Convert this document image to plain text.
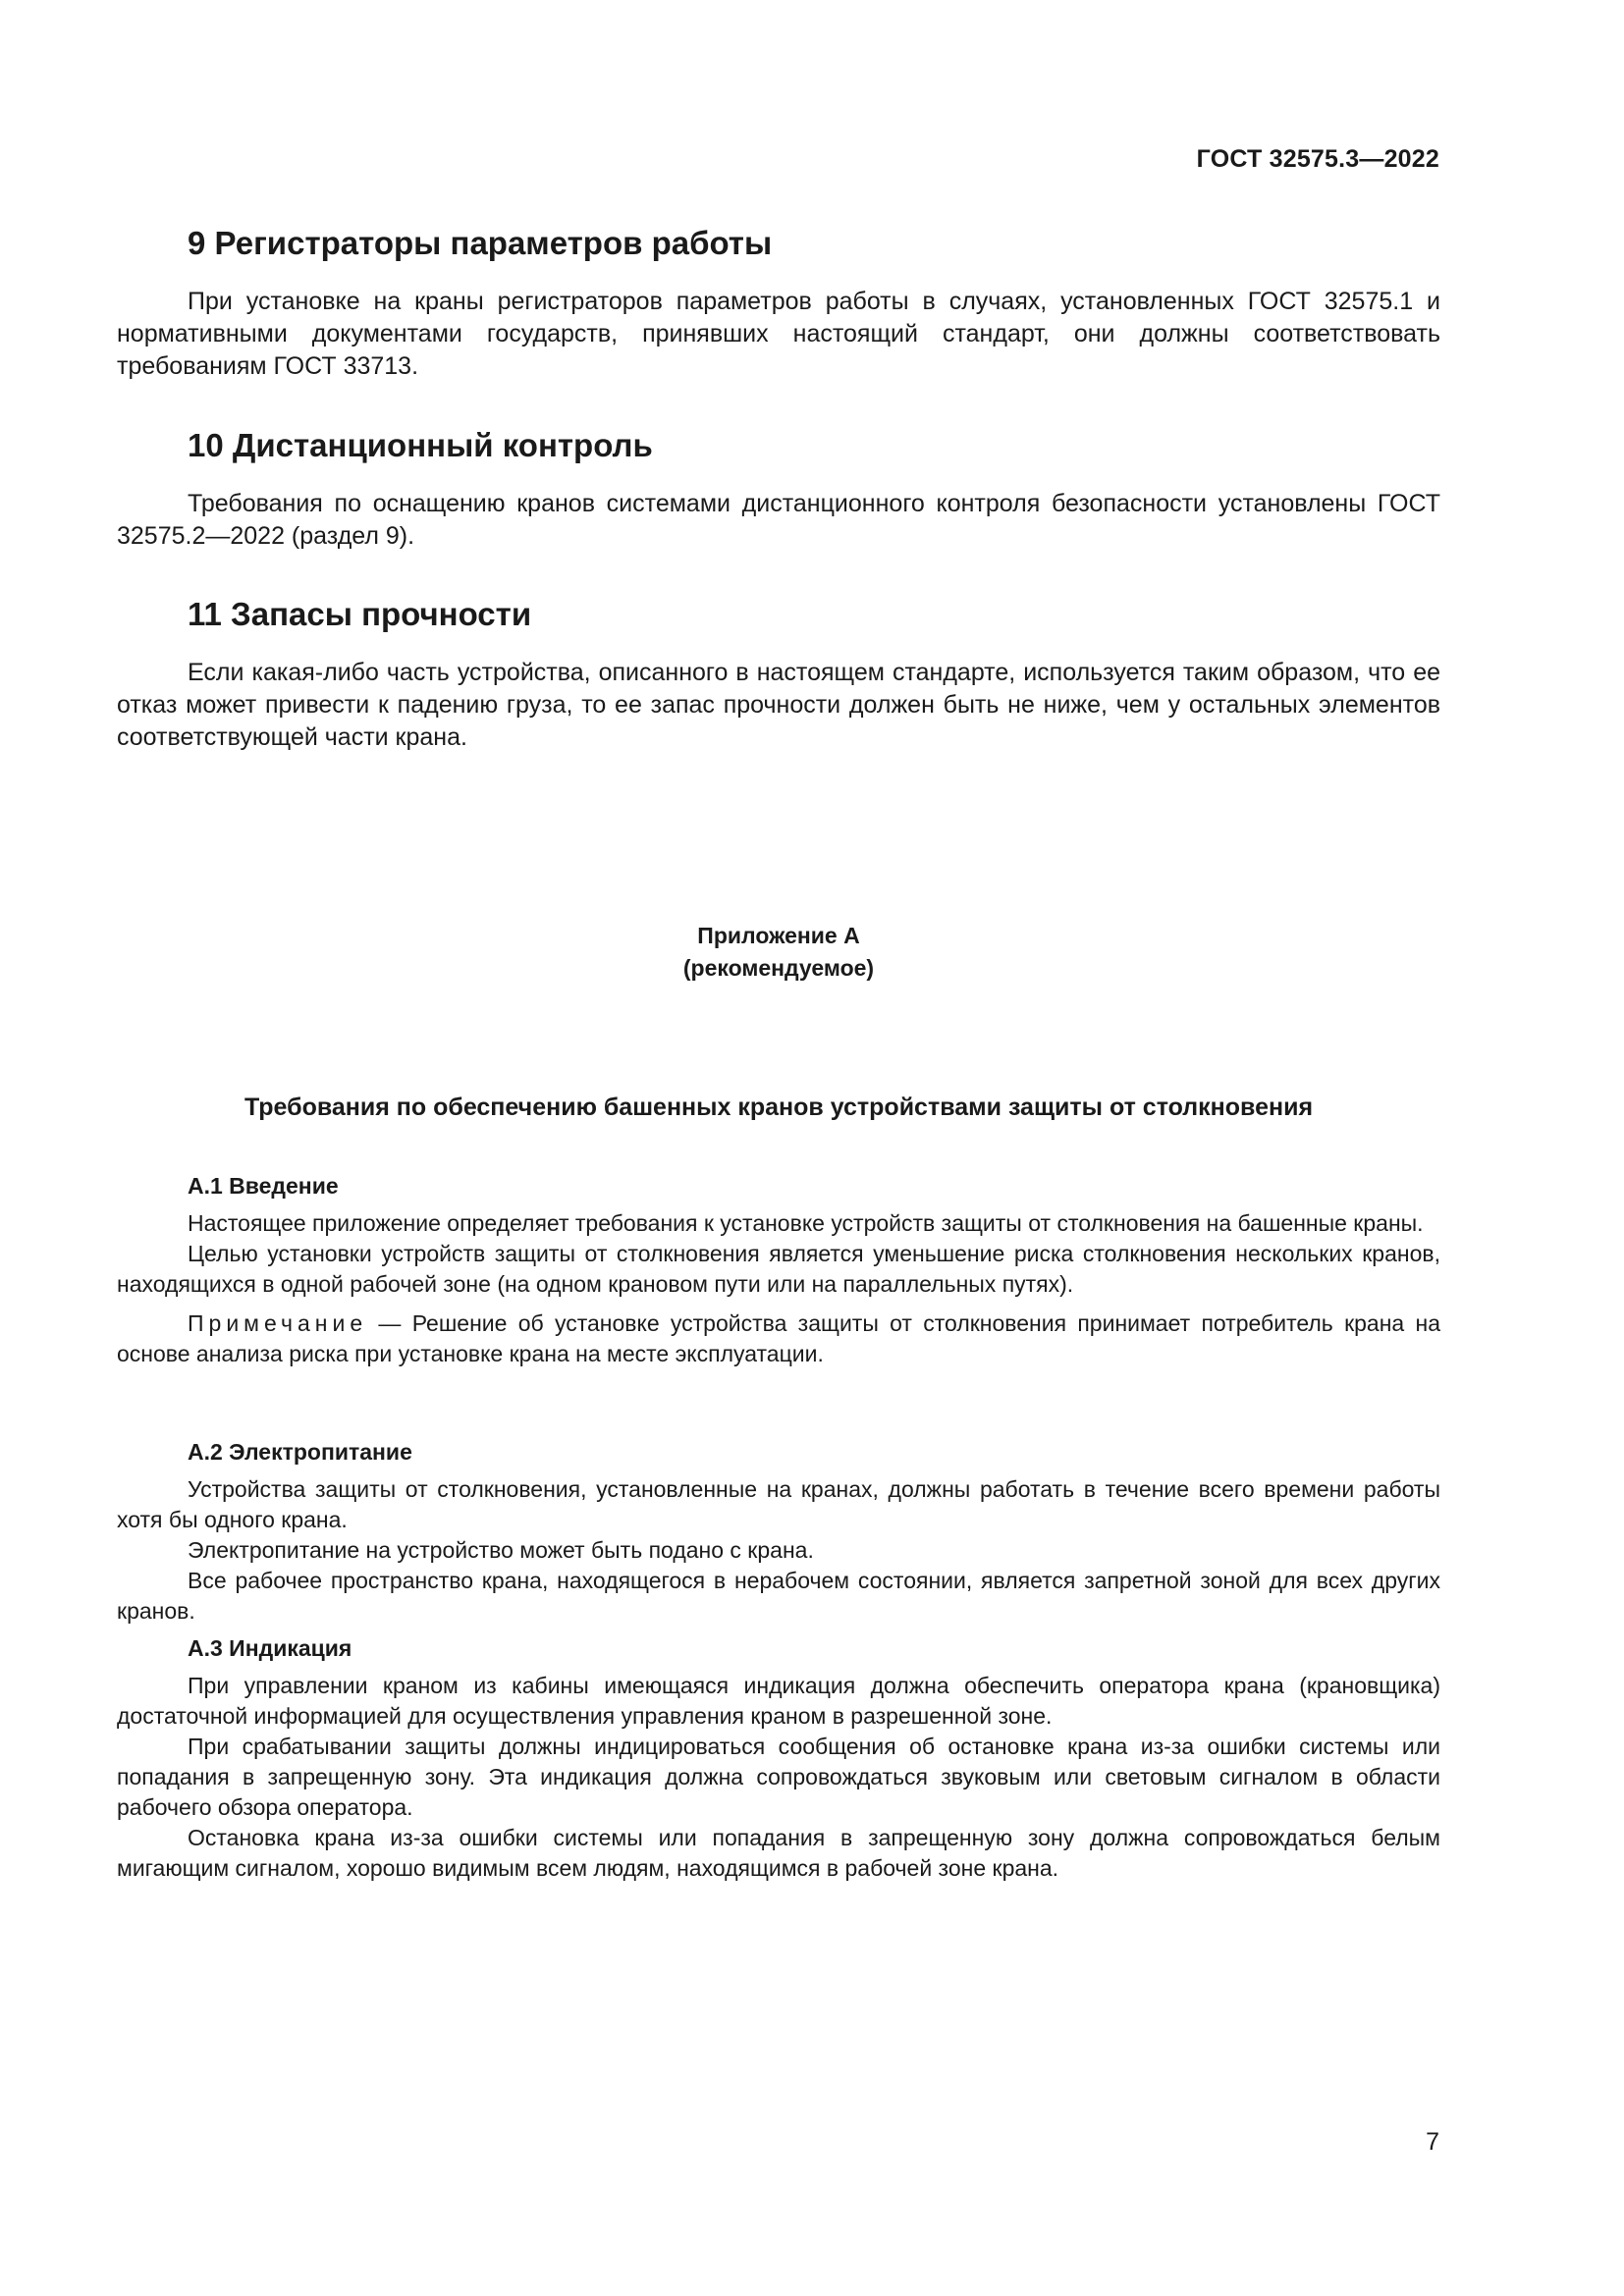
ГОСТ 32575.3—2022
9 Регистраторы параметров работы

При установке на краны регистраторов параметров работы в случаях, установленных ГОСТ 32575.1 и нормативными документами государств, принявших настоящий стандарт, они должны соответствовать требованиям ГОСТ 33713.

10 Дистанционный контроль

Требования по оснащению кранов системами дистанционного контроля безопасности установлены ГОСТ 32575.2—2022 (раздел 9).

11 Запасы прочности

Если какая-либо часть устройства, описанного в настоящем стандарте, используется таким образом, что ее отказ может привести к падению груза, то ее запас прочности должен быть не ниже, чем у остальных элементов соответствующей части крана.

Приложение А
(рекомендуемое)
Требования по обеспечению башенных кранов устройствами защиты от столкновения
А.1 Введение

Настоящее приложение определяет требования к установке устройств защиты от столкновения на башенные краны.

Целью установки устройств защиты от столкновения является уменьшение риска столкновения нескольких кранов, находящихся в одной рабочей зоне (на одном крановом пути или на параллельных путях).

Примечание — Решение об установке устройства защиты от столкновения принимает потребитель крана на основе анализа риска при установке крана на месте эксплуатации.

А.2 Электропитание

Устройства защиты от столкновения, установленные на кранах, должны работать в течение всего времени работы хотя бы одного крана.

Электропитание на устройство может быть подано с крана.

Все рабочее пространство крана, находящегося в нерабочем состоянии, является запретной зоной для всех других кранов.

А.3 Индикация

При управлении краном из кабины имеющаяся индикация должна обеспечить оператора крана (крановщика) достаточной информацией для осуществления управления краном в разрешенной зоне.

При срабатывании защиты должны индицироваться сообщения об остановке крана из-за ошибки системы или попадания в запрещенную зону. Эта индикация должна сопровождаться звуковым или световым сигналом в области рабочего обзора оператора.

Остановка крана из-за ошибки системы или попадания в запрещенную зону должна сопровождаться белым мигающим сигналом, хорошо видимым всем людям, находящимся в рабочей зоне крана.

7
